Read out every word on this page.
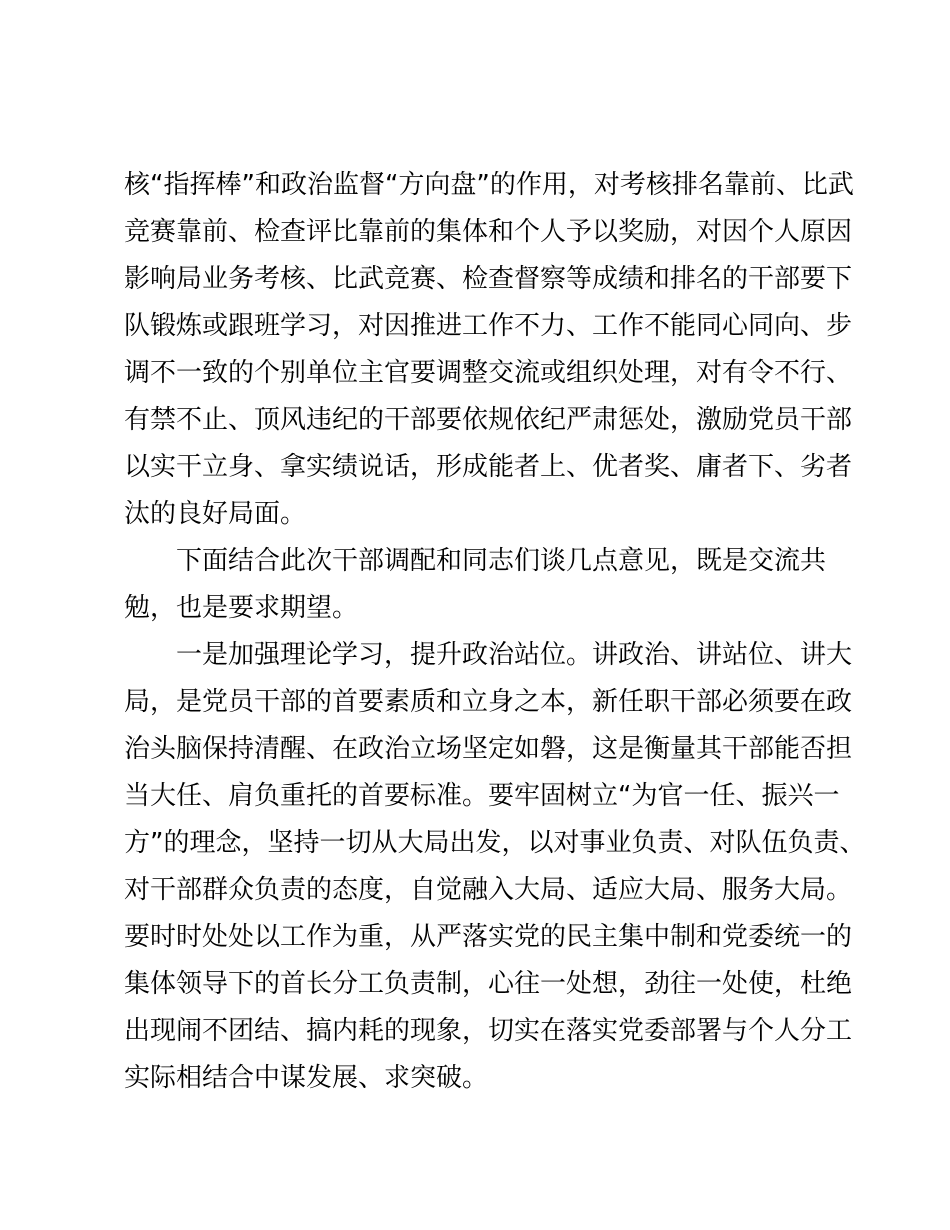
核“指挥棒”和政治监督“方向盘”的作用，对考核排名靠前、比武
竞赛靠前、检查评比靠前的集体和个人予以奖励，对因个人原因
影响局业务考核、比武竞赛、检查督察等成绩和排名的干部要下
队锻炼或跟班学习，对因推进工作不力、工作不能同心同向、步
调不一致的个别单位主官要调整交流或组织处理，对有令不行、
有禁不止、顶风违纪的干部要依规依纪严肃惩处，激励党员干部
以实干立身、拿实绩说话，形成能者上、优者奖、庸者下、劣者
汰的良好局面。
下面结合此次干部调配和同志们谈几点意见，既是交流共
勉，也是要求期望。
一是加强理论学习，提升政治站位。讲政治、讲站位、讲大
局，是党员干部的首要素质和立身之本，新任职干部必须要在政
治头脑保持清醒、在政治立场坚定如磐，这是衡量其干部能否担
当大任、肩负重托的首要标准。要牢固树立“为官一任、振兴一
方”的理念，坚持一切从大局出发，以对事业负责、对队伍负责、
对干部群众负责的态度，自觉融入大局、适应大局、服务大局。
要时时处处以工作为重，从严落实党的民主集中制和党委统一的
集体领导下的首长分工负责制，心往一处想，劲往一处使，杜绝
出现闹不团结、搞内耗的现象，切实在落实党委部署与个人分工
实际相结合中谋发展、求突破。
